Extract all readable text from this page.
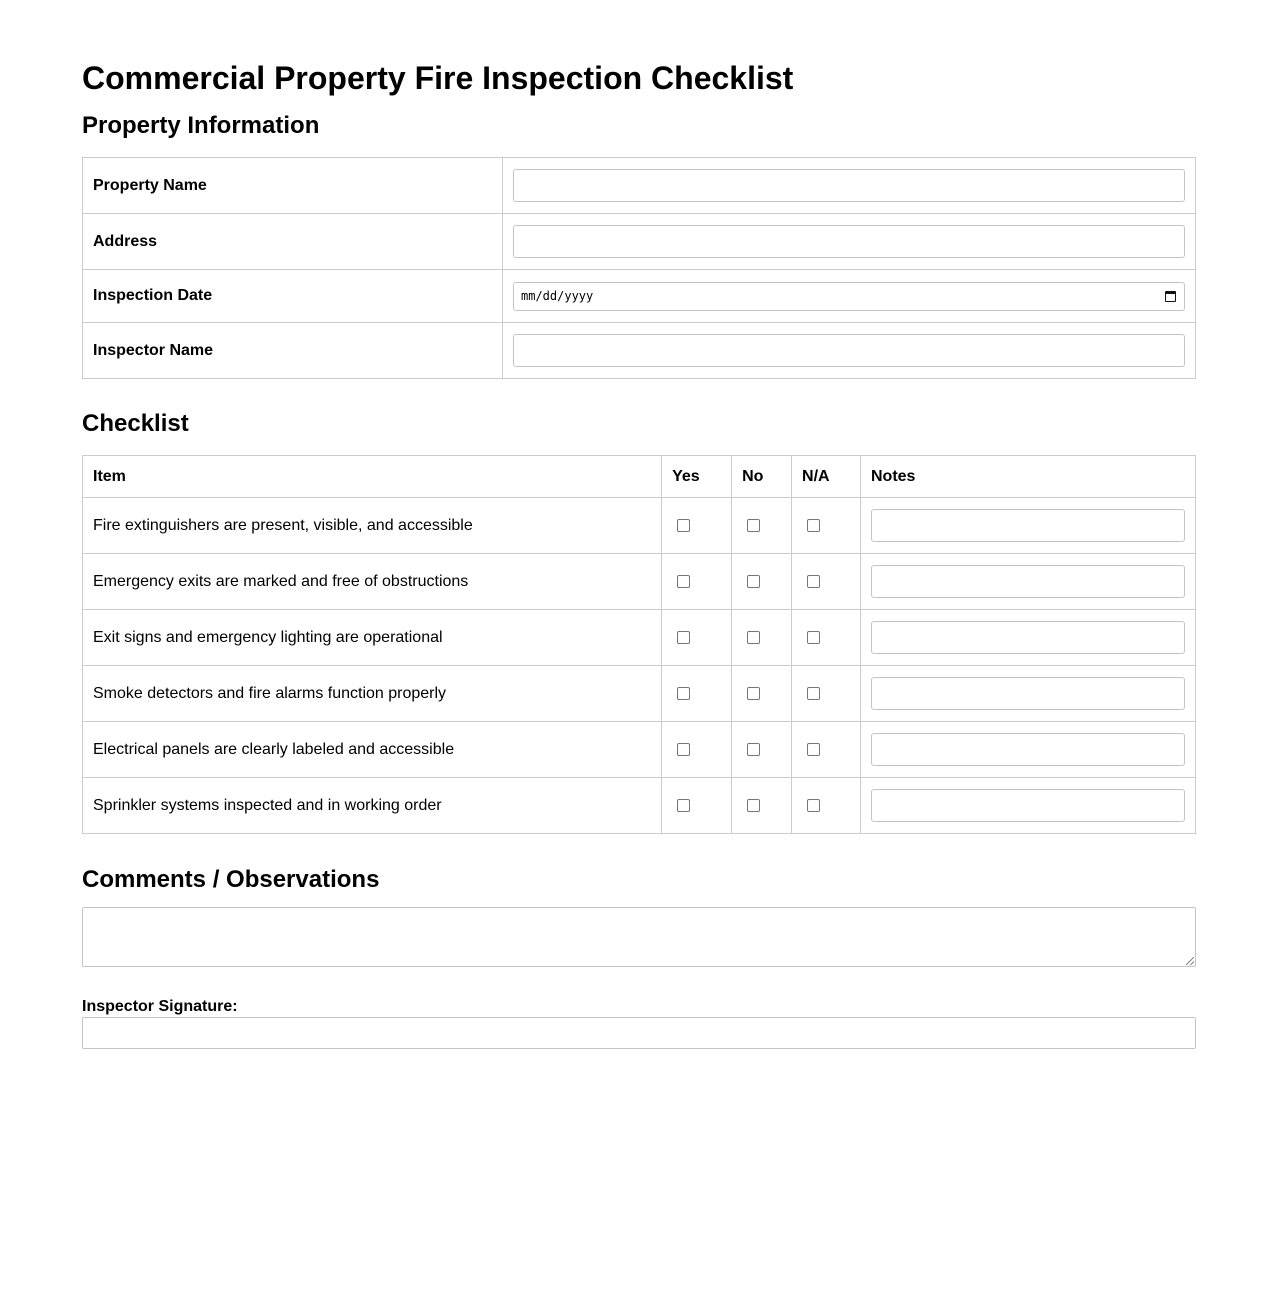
Commercial Property Fire Inspection Checklist
Property Information
Property Name	

Address	

Inspection Date	mm/dd/yyyy

Inspector Name	
Checklist
Item	Yes	No	N/A	Notes
Fire extinguishers are present, visible, and accessible	

Emergency exits are marked and free of obstructions	

Exit signs and emergency lighting are operational	

Smoke detectors and fire alarms function properly	

Electrical panels are clearly labeled and accessible	

Sprinkler systems inspected and in working order	

Comments / Observations
Inspector Signature:
